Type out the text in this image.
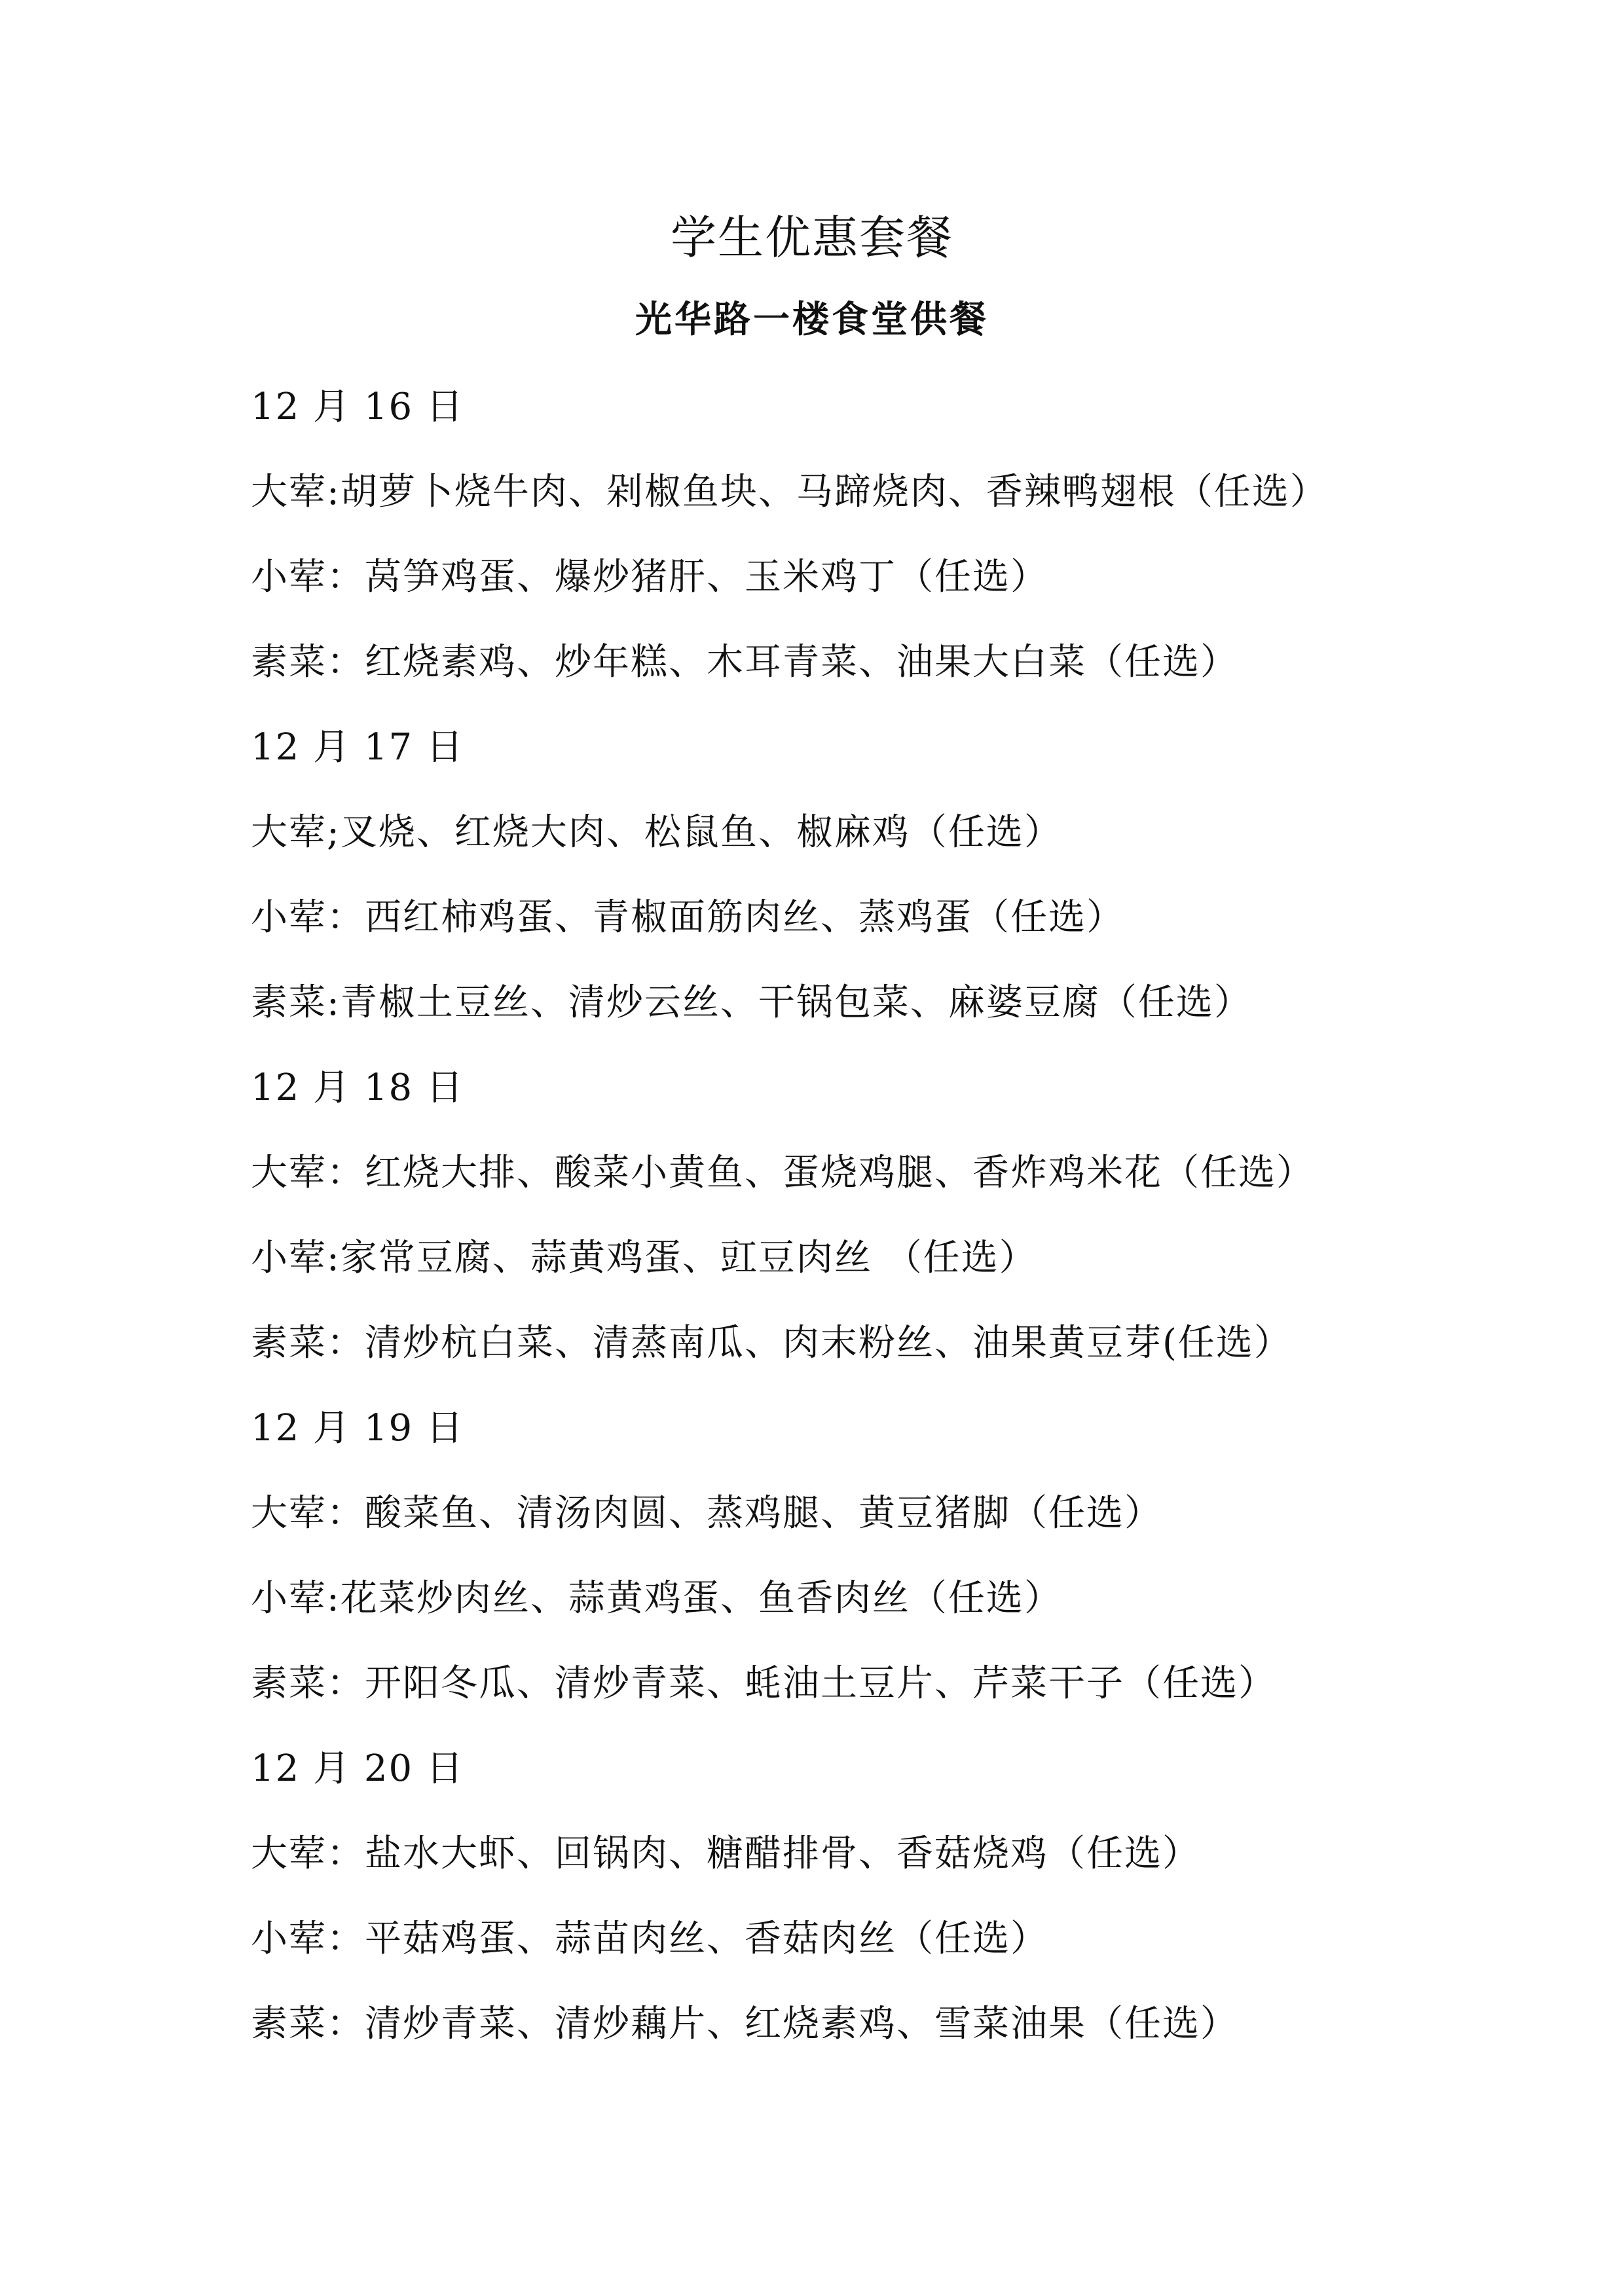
学生优惠套餐
光华路一楼食堂供餐
12 月 16 日
大荤:胡萝卜烧牛肉、剁椒鱼块、马蹄烧肉、香辣鸭翅根（任选）
小荤：莴笋鸡蛋、爆炒猪肝、玉米鸡丁（任选）
素菜：红烧素鸡、炒年糕、木耳青菜、油果大白菜（任选）
12 月 17 日
大荤;叉烧、红烧大肉、松鼠鱼、椒麻鸡（任选）
小荤：西红柿鸡蛋、青椒面筋肉丝、蒸鸡蛋（任选）
素菜:青椒土豆丝、清炒云丝、干锅包菜、麻婆豆腐（任选）
12 月 18 日
大荤：红烧大排、酸菜小黄鱼、蛋烧鸡腿、香炸鸡米花（任选）
小荤:家常豆腐、蒜黄鸡蛋、豇豆肉丝 （任选）
素菜：清炒杭白菜、清蒸南瓜、肉末粉丝、油果黄豆芽(任选）
12 月 19 日
大荤：酸菜鱼、清汤肉圆、蒸鸡腿、黄豆猪脚（任选）
小荤:花菜炒肉丝、蒜黄鸡蛋、鱼香肉丝（任选）
素菜：开阳冬瓜、清炒青菜、蚝油土豆片、芹菜干子（任选）
12 月 20 日
大荤：盐水大虾、回锅肉、糖醋排骨、香菇烧鸡（任选）
小荤：平菇鸡蛋、蒜苗肉丝、香菇肉丝（任选）
素菜：清炒青菜、清炒藕片、红烧素鸡、雪菜油果（任选）
